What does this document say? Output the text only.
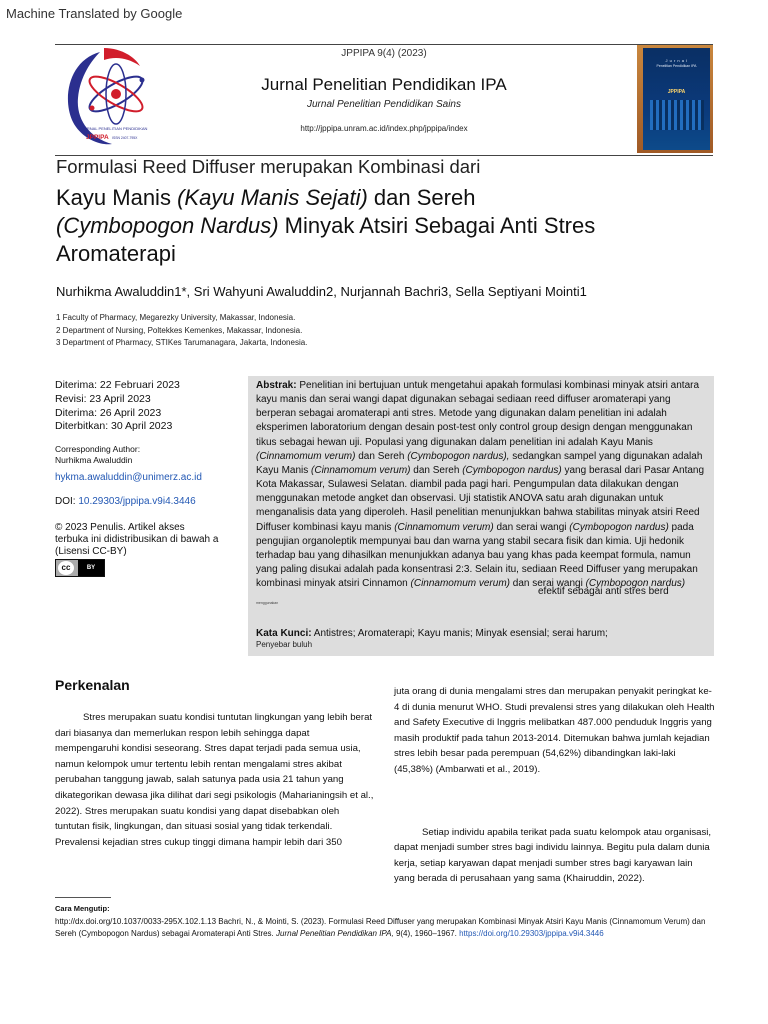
Machine Translated by Google
JPPIPA 9(4) (2023)
Jurnal Penelitian Pendidikan IPA
Jurnal Penelitian Pendidikan Sains
http://jppipa.unram.ac.id/index.php/jppipa/index
JURNAL PENELITIAN PENDIDIKAN
JPPIPA ISSN 2407-795X
J u r n a l
Penelitian Pendidikan IPA
JPPIPA
Formulasi Reed Diffuser merupakan Kombinasi dari
Kayu Manis (Kayu Manis Sejati) dan Sereh
(Cymbopogon Nardus) Minyak Atsiri Sebagai Anti Stres
Aromaterapi
Nurhikma Awaluddin1*, Sri Wahyuni Awaluddin2, Nurjannah Bachri3, Sella Septiyani Mointi1
1 Faculty of Pharmacy, Megarezky University, Makassar, Indonesia.
2 Department of Nursing, Poltekkes Kemenkes, Makassar, Indonesia.
3 Department of Pharmacy, STIKes Tarumanagara, Jakarta, Indonesia.
Diterima: 22 Februari 2023
Revisi: 23 April 2023
Diterima: 26 April 2023
Diterbitkan: 30 April 2023
Corresponding Author:
Nurhikma Awaluddin
hykma.awaluddin@unimerz.ac.id
DOI: 10.29303/jppipa.v9i4.3446
© 2023 Penulis. Artikel akses
terbuka ini didistribusikan di bawah a
(Lisensi CC-BY)
cc	BY
Abstrak: Penelitian ini bertujuan untuk mengetahui apakah formulasi kombinasi minyak atsiri antara kayu manis dan serai wangi dapat digunakan sebagai sediaan reed diffuser aromaterapi yang berperan sebagai aromaterapi anti stres. Metode yang digunakan dalam penelitian ini adalah eksperimen laboratorium dengan desain post-test only control group design dengan menggunakan tikus sebagai hewan uji. Populasi yang digunakan dalam penelitian ini adalah Kayu Manis (Cinnamomum verum) dan Sereh (Cymbopogon nardus), sedangkan sampel yang digunakan adalah Kayu Manis (Cinnamomum verum) dan Sereh (Cymbopogon nardus) yang berasal dari Pasar Antang Kota Makassar, Sulawesi Selatan. diambil pada pagi hari. Pengumpulan data dilakukan dengan menggunakan metode angket dan observasi. Uji statistik ANOVA satu arah digunakan untuk menganalisis data yang diperoleh. Hasil penelitian menunjukkan bahwa stabilitas minyak atsiri Reed Diffuser kombinasi kayu manis (Cinnamomum verum) dan serai wangi (Cymbopogon nardus) pada pengujian organoleptik mempunyai bau dan warna yang stabil secara fisik dan kimia. Uji hedonik terhadap bau yang dihasilkan menunjukkan adanya bau yang khas pada keempat formula, namun yang paling disukai adalah pada konsentrasi 2:3. Selain itu, sediaan Reed Diffuser yang merupakan kombinasi minyak atsiri Cinnamon (Cinnamomum verum) dan serai wangi (Cymbopogon nardus)
efektif sebagai anti stres berd
menggunakan
Kata Kunci: Antistres; Aromaterapi; Kayu manis; Minyak esensial; serai harum;
Penyebar buluh
Perkenalan
Stres merupakan suatu kondisi tuntutan lingkungan yang lebih berat dari biasanya dan memerlukan respon lebih sehingga dapat mempengaruhi kondisi seseorang. Stres dapat terjadi pada semua usia, namun kelompok umur tertentu lebih rentan mengalami stres akibat perubahan tanggung jawab, salah satunya pada usia 21 tahun yang dikategorikan dewasa jika dilihat dari segi psikologis (Maharianingsih et al., 2022). Stres merupakan suatu kondisi yang dapat disebabkan oleh tuntutan fisik, lingkungan, dan situasi sosial yang tidak terkendali. Prevalensi kejadian stres cukup tinggi dimana hampir lebih dari 350
juta orang di dunia mengalami stres dan merupakan penyakit peringkat ke-4 di dunia menurut WHO. Studi prevalensi stres yang dilakukan oleh Health and Safety Executive di Inggris melibatkan 487.000 penduduk Inggris yang masih produktif pada tahun 2013-2014. Ditemukan bahwa jumlah kejadian stres lebih besar pada perempuan (54,62%) dibandingkan laki-laki (45,38%) (Ambarwati et al., 2019).
Setiap individu apabila terikat pada suatu kelompok atau organisasi, dapat menjadi sumber stres bagi individu lainnya. Begitu pula dalam dunia kerja, setiap karyawan dapat menjadi sumber stres bagi karyawan lain yang berada di perusahaan yang sama (Khairuddin, 2022).
Cara Mengutip:
http://dx.doi.org/10.1037/0033-295X.102.1.13 Bachri, N., & Mointi, S. (2023). Formulasi Reed Diffuser yang merupakan Kombinasi Minyak Atsiri Kayu Manis (Cinnamomum Verum) dan Sereh (Cymbopogon Nardus) sebagai Aromaterapi Anti Stres. Jurnal Penelitian Pendidikan IPA, 9(4), 1960–1967. https://doi.org/10.29303/jppipa.v9i4.3446
